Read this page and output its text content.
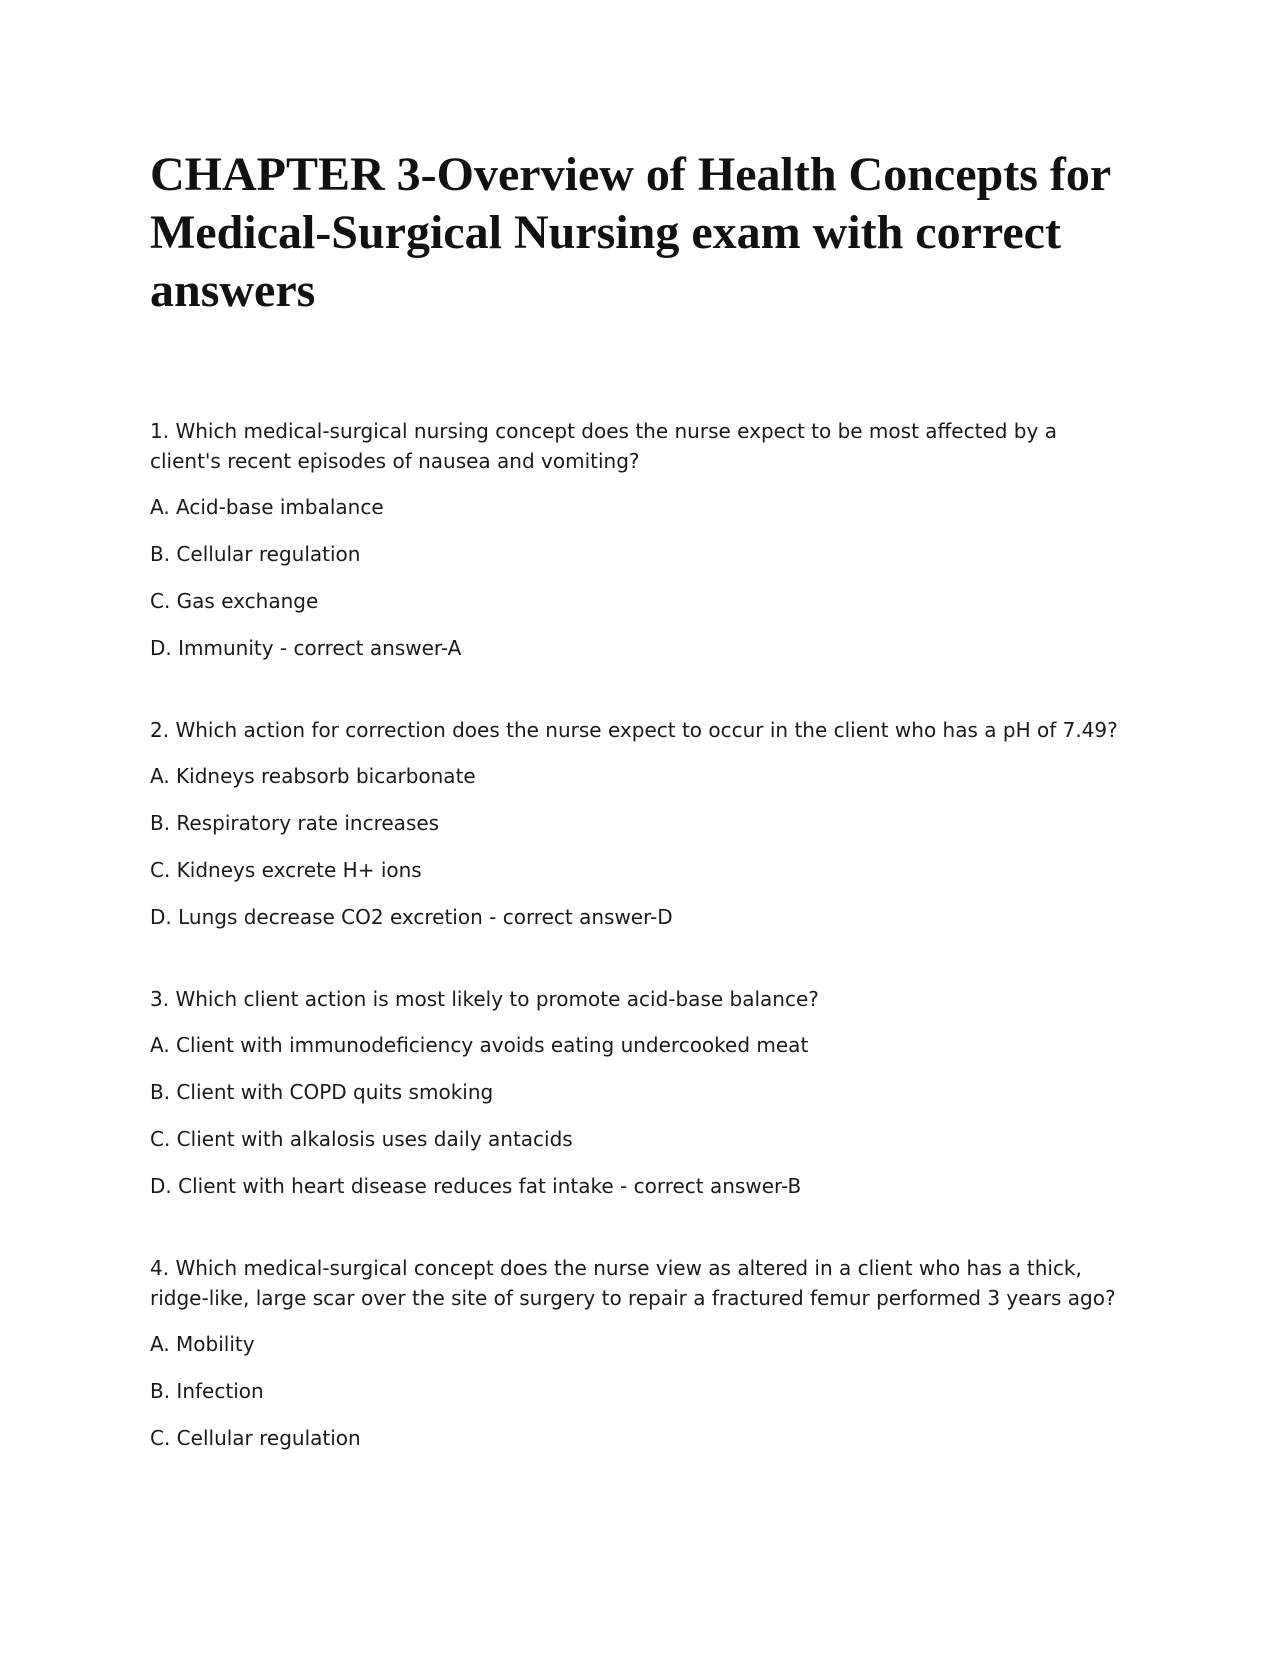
CHAPTER 3-Overview of Health Concepts for Medical-Surgical Nursing exam with correct answers

1. Which medical-surgical nursing concept does the nurse expect to be most affected by a client's recent episodes of nausea and vomiting?

A. Acid-base imbalance

B. Cellular regulation

C. Gas exchange

D. Immunity - correct answer-A

2. Which action for correction does the nurse expect to occur in the client who has a pH of 7.49?

A. Kidneys reabsorb bicarbonate

B. Respiratory rate increases

C. Kidneys excrete H+ ions

D. Lungs decrease CO2 excretion - correct answer-D

3. Which client action is most likely to promote acid-base balance?

A. Client with immunodeficiency avoids eating undercooked meat

B. Client with COPD quits smoking

C. Client with alkalosis uses daily antacids

D. Client with heart disease reduces fat intake - correct answer-B

4. Which medical-surgical concept does the nurse view as altered in a client who has a thick, ridge-like, large scar over the site of surgery to repair a fractured femur performed 3 years ago?

A. Mobility

B. Infection

C. Cellular regulation
